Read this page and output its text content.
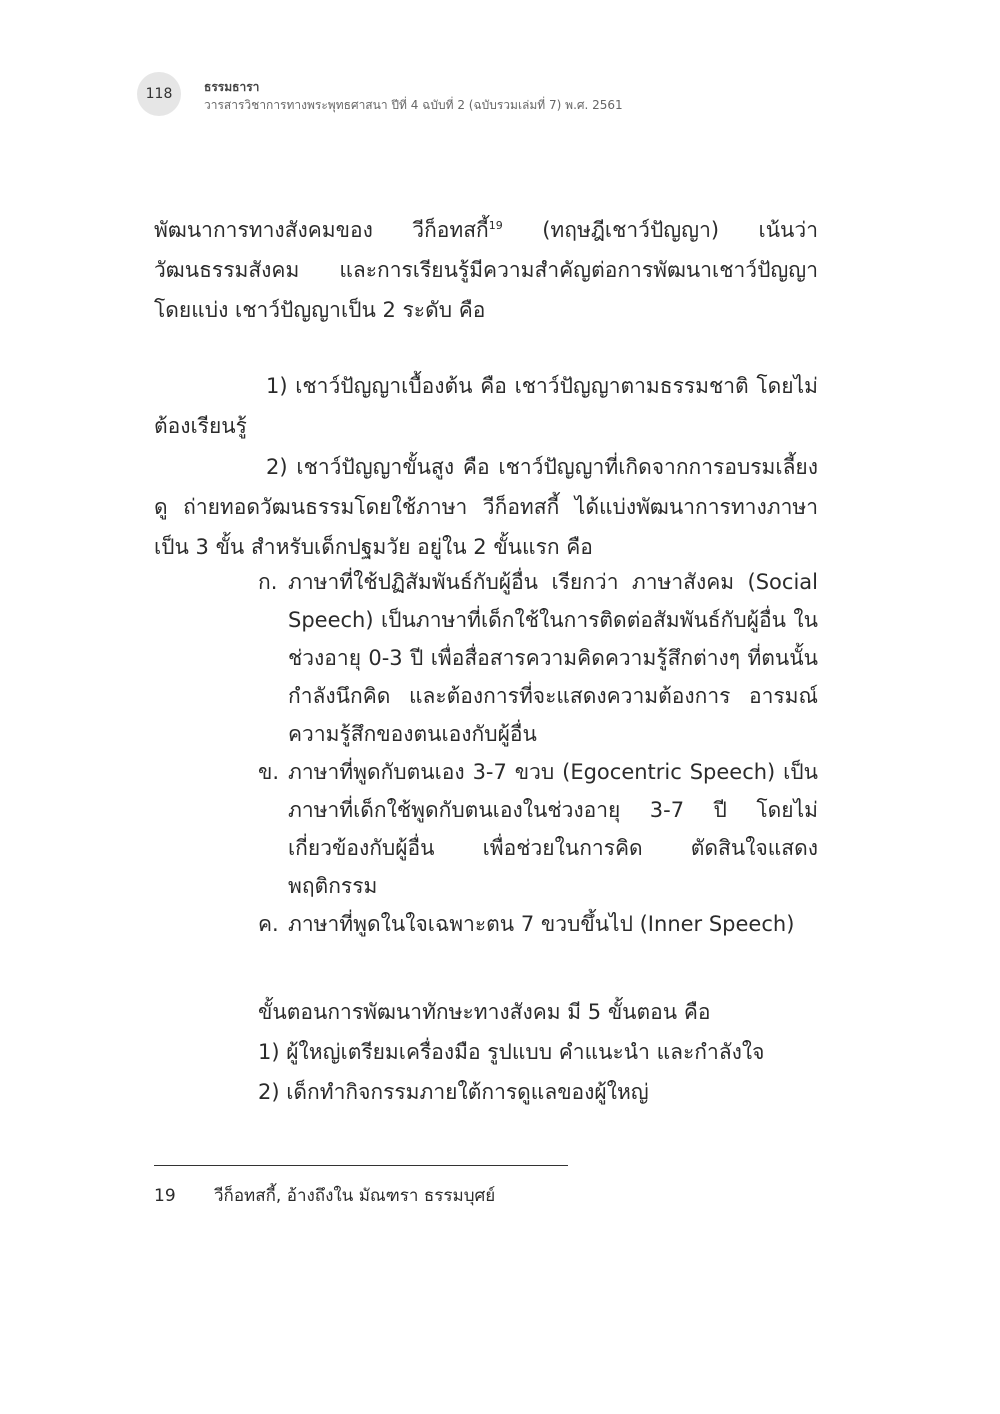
118	ธรรมธารา
วารสารวิชาการทางพระพุทธศาสนา ปีที่ 4 ฉบับที่ 2 (ฉบับรวมเล่มที่ 7) พ.ศ. 2561
พัฒนาการทางสังคมของ วีก็อทสกี้$^{19}$ (ทฤษฎีเชาว์ปัญญา) เน้นว่า วัฒนธรรมสังคม และการเรียนรู้มีความสำคัญต่อการพัฒนาเชาว์ปัญญา โดยแบ่ง เชาว์ปัญญาเป็น 2 ระดับ คือ
1) เชาว์ปัญญาเบื้องต้น คือ เชาว์ปัญญาตามธรรมชาติ โดยไม่ต้องเรียนรู้
2) เชาว์ปัญญาขั้นสูง คือ เชาว์ปัญญาที่เกิดจากการอบรมเลี้ยงดู ถ่ายทอดวัฒนธรรมโดยใช้ภาษา วีก็อทสกี้ ได้แบ่งพัฒนาการทางภาษาเป็น 3 ขั้น สำหรับเด็กปฐมวัย อยู่ใน 2 ขั้นแรก คือ
ก. ภาษาที่ใช้ปฏิสัมพันธ์กับผู้อื่น เรียกว่า ภาษาสังคม (Social Speech) เป็นภาษาที่เด็กใช้ในการติดต่อสัมพันธ์กับผู้อื่น ในช่วงอายุ 0-3 ปี เพื่อสื่อสารความคิดความรู้สึกต่างๆ ที่ตนนั้นกำลังนึกคิด และต้องการที่จะแสดงความต้องการ อารมณ์ ความรู้สึกของตนเองกับผู้อื่น
ข. ภาษาที่พูดกับตนเอง 3-7 ขวบ (Egocentric Speech) เป็นภาษาที่เด็กใช้พูดกับตนเองในช่วงอายุ 3-7 ปี โดยไม่เกี่ยวข้องกับผู้อื่น เพื่อช่วยในการคิด ตัดสินใจแสดงพฤติกรรม
ค. ภาษาที่พูดในใจเฉพาะตน 7 ขวบขึ้นไป (Inner Speech)
ขั้นตอนการพัฒนาทักษะทางสังคม มี 5 ขั้นตอน คือ
1) ผู้ใหญ่เตรียมเครื่องมือ รูปแบบ คำแนะนำ และกำลังใจ
2) เด็กทำกิจกรรมภายใต้การดูแลของผู้ใหญ่
19	วีก็อทสกี้, อ้างถึงใน มัณฑรา ธรรมบุศย์
